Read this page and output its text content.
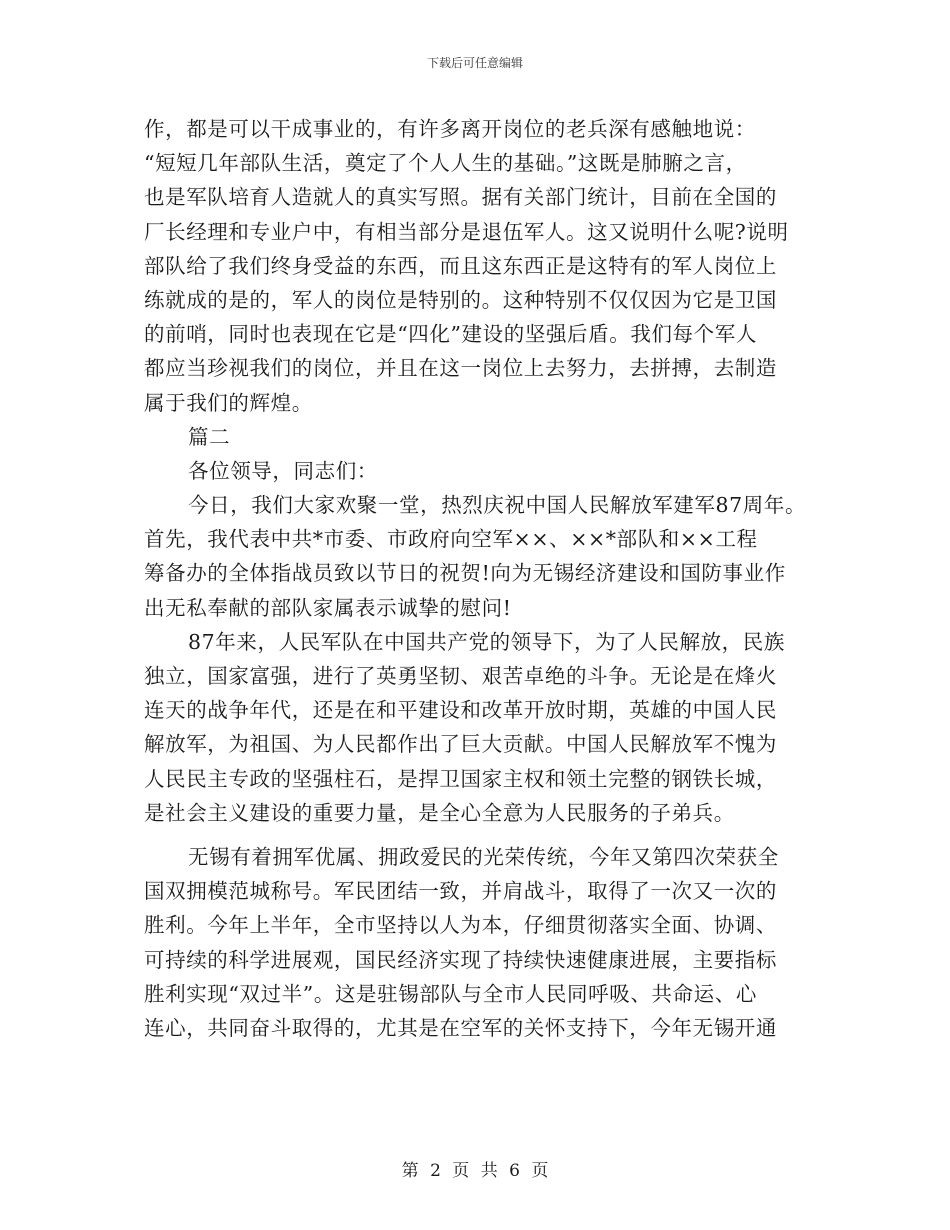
下载后可任意编辑
作，都是可以干成事业的，有许多离开岗位的老兵深有感触地说：
“短短几年部队生活，奠定了个人人生的基础。”这既是肺腑之言，
也是军队培育人造就人的真实写照。据有关部门统计，目前在全国的
厂长经理和专业户中，有相当部分是退伍军人。这又说明什么呢?说明
部队给了我们终身受益的东西，而且这东西正是这特有的军人岗位上
练就成的是的，军人的岗位是特别的。这种特别不仅仅因为它是卫国
的前哨，同时也表现在它是“四化”建设的坚强后盾。我们每个军人
都应当珍视我们的岗位，并且在这一岗位上去努力，去拼搏，去制造
属于我们的辉煌。
篇二
各位领导，同志们：
今日，我们大家欢聚一堂，热烈庆祝中国人民解放军建军87周年。
首先，我代表中共*市委、市政府向空军××、××*部队和××工程
筹备办的全体指战员致以节日的祝贺!向为无锡经济建设和国防事业作
出无私奉献的部队家属表示诚挚的慰问!
87年来，人民军队在中国共产党的领导下，为了人民解放，民族
独立，国家富强，进行了英勇坚韧、艰苦卓绝的斗争。无论是在烽火
连天的战争年代，还是在和平建设和改革开放时期，英雄的中国人民
解放军，为祖国、为人民都作出了巨大贡献。中国人民解放军不愧为
人民民主专政的坚强柱石，是捍卫国家主权和领土完整的钢铁长城，
是社会主义建设的重要力量，是全心全意为人民服务的子弟兵。
无锡有着拥军优属、拥政爱民的光荣传统，今年又第四次荣获全
国双拥模范城称号。军民团结一致，并肩战斗，取得了一次又一次的
胜利。今年上半年，全市坚持以人为本，仔细贯彻落实全面、协调、
可持续的科学进展观，国民经济实现了持续快速健康进展，主要指标
胜利实现“双过半”。这是驻锡部队与全市人民同呼吸、共命运、心
连心，共同奋斗取得的，尤其是在空军的关怀支持下，今年无锡开通
第 2 页 共 6 页
